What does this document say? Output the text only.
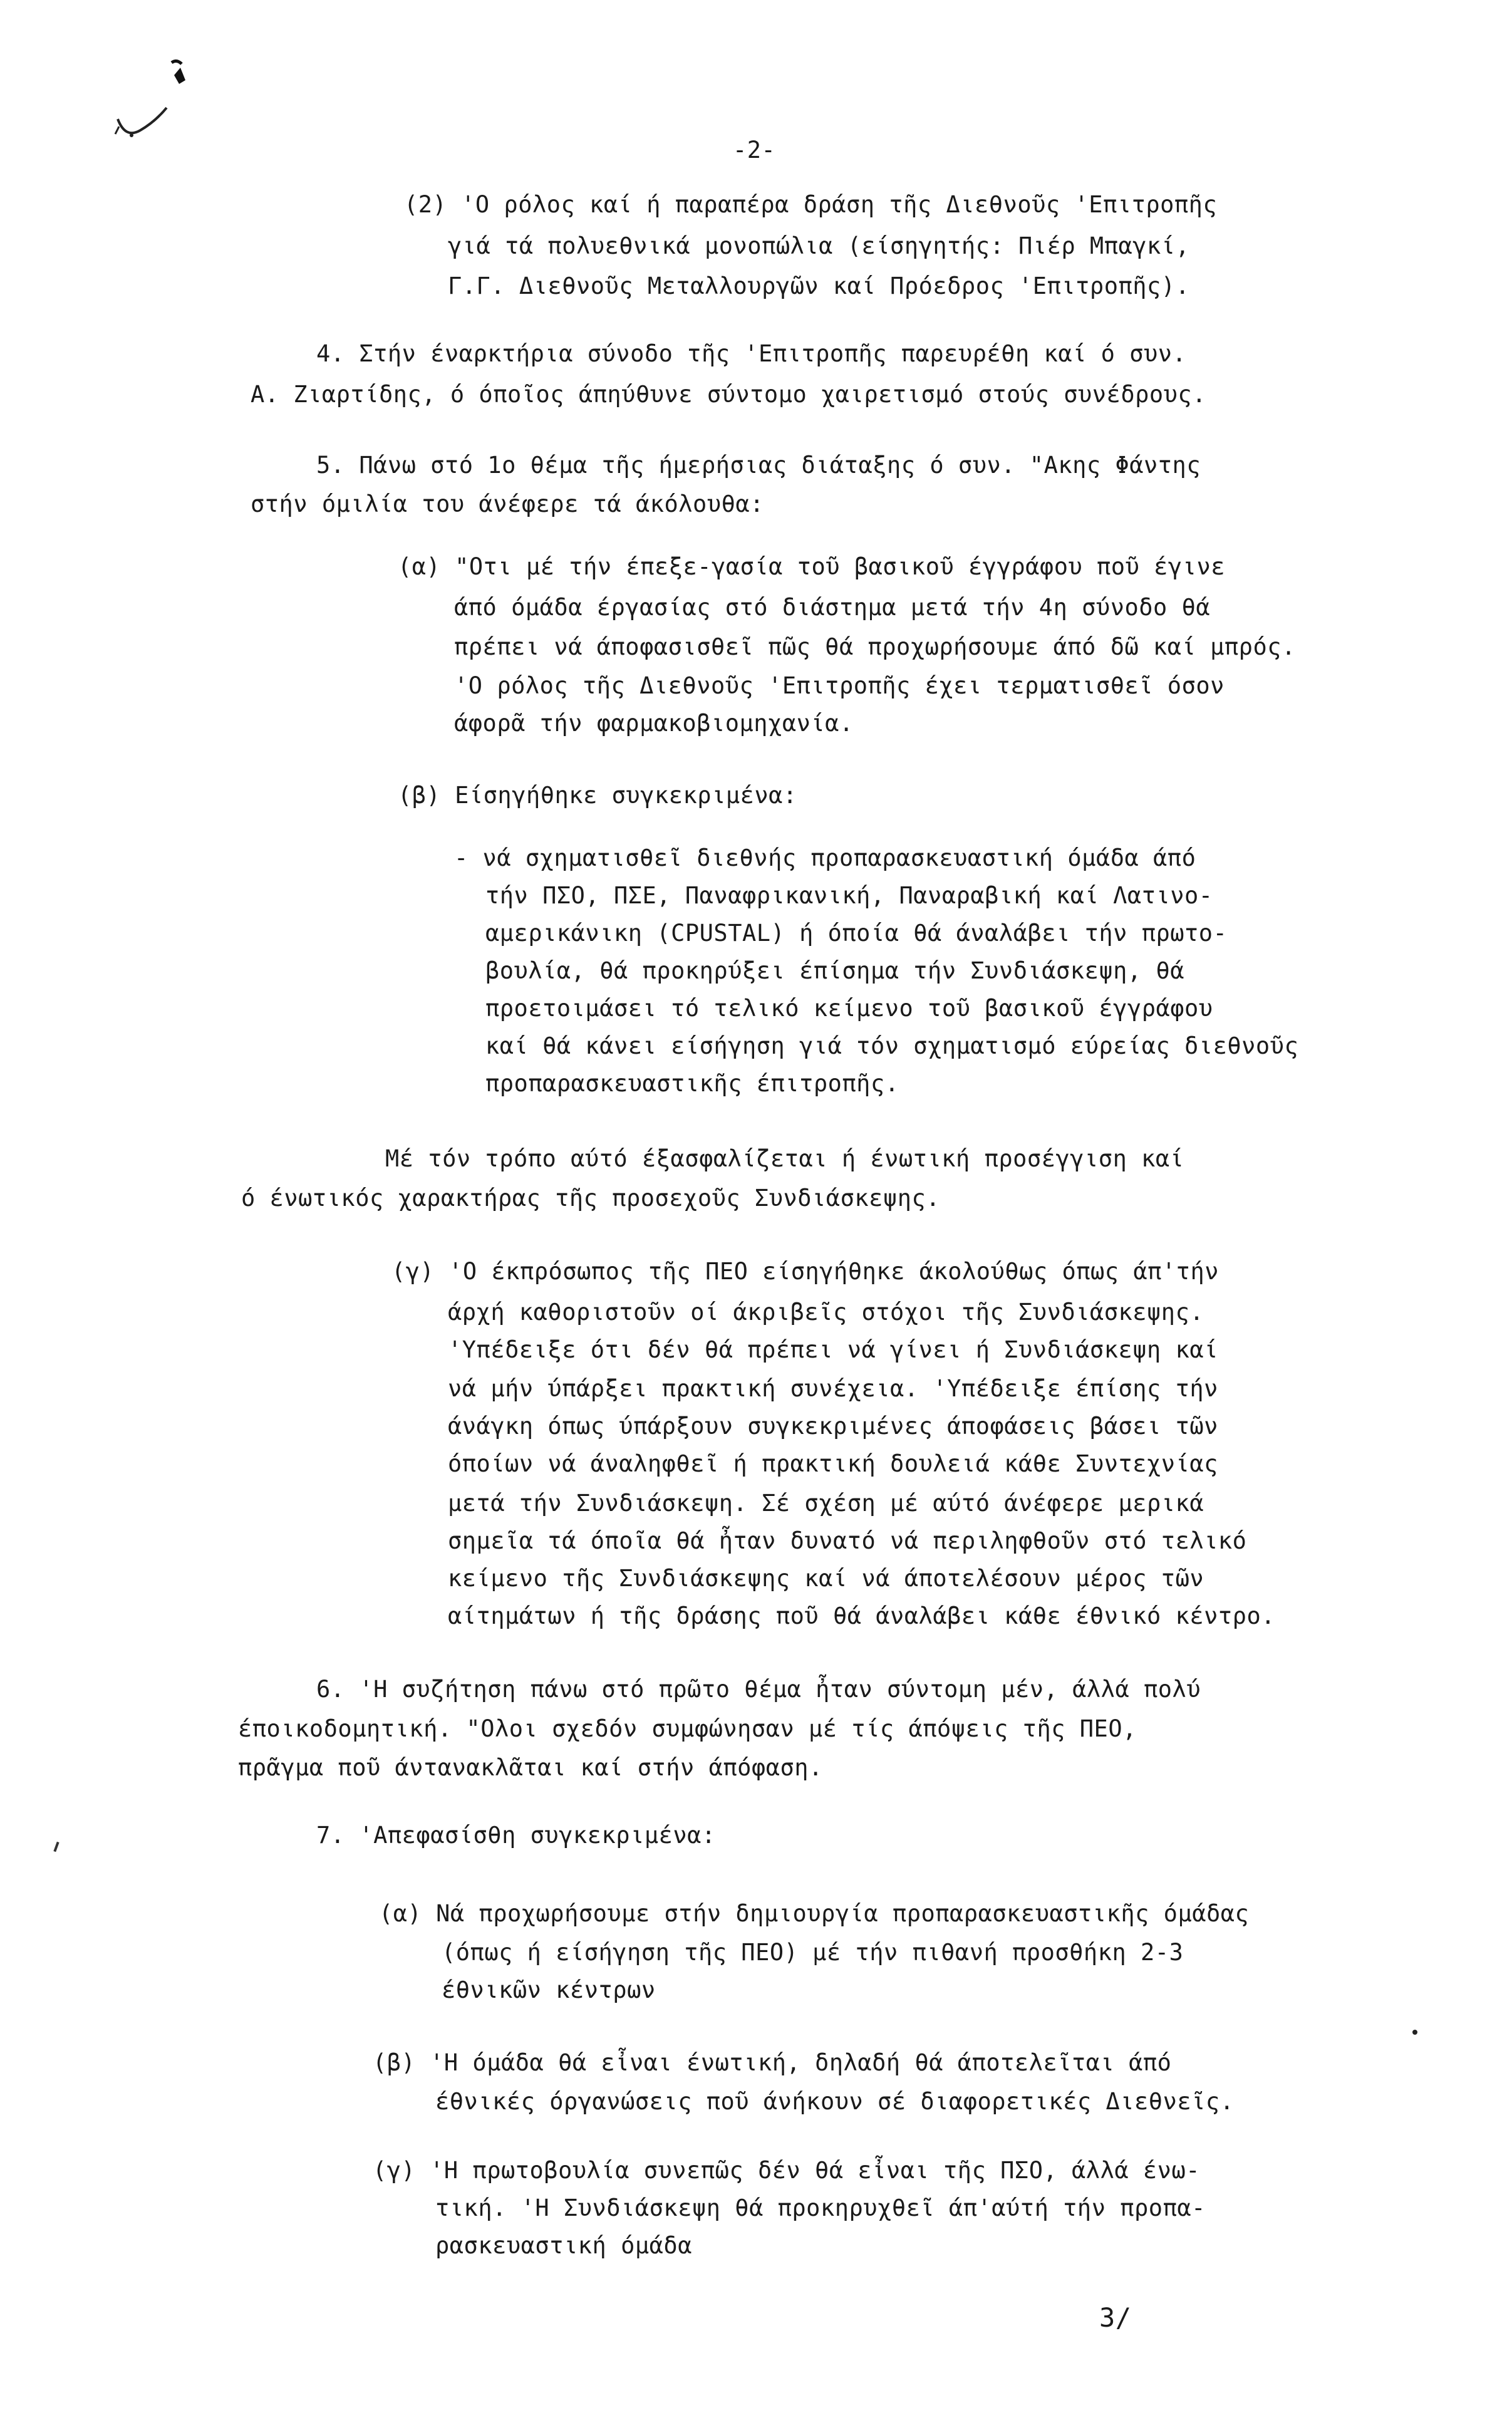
-2-
(2) 'Ο ρόλος καί ή παραπέρα δράση τῆς Διεθνοῦς 'Επιτροπῆς
γιά τά πολυεθνικά μονοπώλια (είσηγητής: Πιέρ Μπαγκί,
Γ.Γ. Διεθνοῦς Μεταλλουργῶν καί Πρόεδρος 'Επιτροπῆς).
4. Στήν έναρκτήρια σύνοδο τῆς 'Επιτροπῆς παρευρέθη καί ό συν.
Α. Ζιαρτίδης, ό όποῖος άπηύθυνε σύντομο χαιρετισμό στούς συνέδρους.
5. Πάνω στό 1ο θέμα τῆς ήμερήσιας διάταξης ό συν. "Ακης Φάντης
στήν όμιλία του άνέφερε τά άκόλουθα:
(α) "Οτι μέ τήν έπεξε-γασία τοῦ βασικοῦ έγγράφου ποῦ έγινε
άπό όμάδα έργασίας στό διάστημα μετά τήν 4η σύνοδο θά
πρέπει νά άποφασισθεῖ πῶς θά προχωρήσουμε άπό δῶ καί μπρός.
'Ο ρόλος τῆς Διεθνοῦς 'Επιτροπῆς έχει τερματισθεῖ όσον
άφορᾶ τήν φαρμακοβιομηχανία.
(β) Είσηγήθηκε συγκεκριμένα:
- νά σχηματισθεῖ διεθνής προπαρασκευαστική όμάδα άπό
τήν ΠΣΟ, ΠΣΕ, Παναφρικανική, Παναραβική καί Λατινο-
αμερικάνικη (CPUSTAL) ή όποία θά άναλάβει τήν πρωτο-
βουλία, θά προκηρύξει έπίσημα τήν Συνδιάσκεψη, θά
προετοιμάσει τό τελικό κείμενο τοῦ βασικοῦ έγγράφου
καί θά κάνει είσήγηση γιά τόν σχηματισμό εύρείας διεθνοῦς
προπαρασκευαστικῆς έπιτροπῆς.
Μέ τόν τρόπο αύτό έξασφαλίζεται ή ένωτική προσέγγιση καί
ό ένωτικός χαρακτήρας τῆς προσεχοῦς Συνδιάσκεψης.
(γ) 'Ο έκπρόσωπος τῆς ΠΕΟ είσηγήθηκε άκολούθως όπως άπ'τήν
άρχή καθοριστοῦν οί άκριβεῖς στόχοι τῆς Συνδιάσκεψης.
'Υπέδειξε ότι δέν θά πρέπει νά γίνει ή Συνδιάσκεψη καί
νά μήν ύπάρξει πρακτική συνέχεια. 'Υπέδειξε έπίσης τήν
άνάγκη όπως ύπάρξουν συγκεκριμένες άποφάσεις βάσει τῶν
όποίων νά άναληφθεῖ ή πρακτική δουλειά κάθε Συντεχνίας
μετά τήν Συνδιάσκεψη. Σέ σχέση μέ αύτό άνέφερε μερικά
σημεῖα τά όποῖα θά ἦταν δυνατό νά περιληφθοῦν στό τελικό
κείμενο τῆς Συνδιάσκεψης καί νά άποτελέσουν μέρος τῶν
αίτημάτων ή τῆς δράσης ποῦ θά άναλάβει κάθε έθνικό κέντρο.
6. 'Η συζήτηση πάνω στό πρῶτο θέμα ἦταν σύντομη μέν, άλλά πολύ
έποικοδομητική. "Ολοι σχεδόν συμφώνησαν μέ τίς άπόψεις τῆς ΠΕΟ,
πρᾶγμα ποῦ άντανακλᾶται καί στήν άπόφαση.
7. 'Απεφασίσθη συγκεκριμένα:
(α) Νά προχωρήσουμε στήν δημιουργία προπαρασκευαστικῆς όμάδας
(όπως ή είσήγηση τῆς ΠΕΟ) μέ τήν πιθανή προσθήκη 2-3
έθνικῶν κέντρων
(β) 'Η όμάδα θά εἶναι ένωτική, δηλαδή θά άποτελεῖται άπό
έθνικές όργανώσεις ποῦ άνήκουν σέ διαφορετικές Διεθνεῖς.
(γ) 'Η πρωτοβουλία συνεπῶς δέν θά εἶναι τῆς ΠΣΟ, άλλά ένω-
τική. 'Η Συνδιάσκεψη θά προκηρυχθεῖ άπ'αύτή τήν προπα-
ρασκευαστική όμάδα
3/
